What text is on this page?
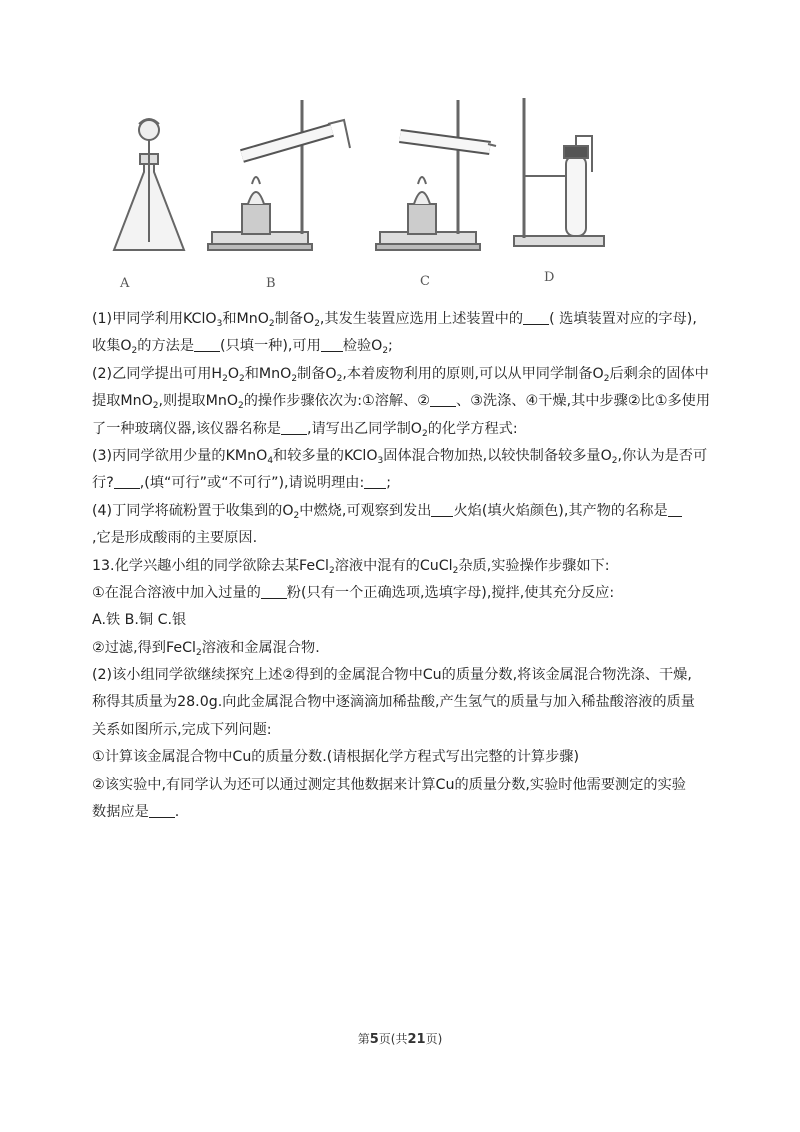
A	B	C	D
(1)甲同学利用KClO$_3$和MnO$_2$制备$O_2$,其发生装置应选用上述装置中的 ( 选填装置对应的字母),
收集$O_2$的方法是 (只填一种),可用 检验$O_2$;
(2)乙同学提出可用$H_2O_2$和MnO$_2$制备$O_2$,本着废物利用的原则,可以从甲同学制备$O_2$后剩余的固体中
提取MnO$_2$,则提取MnO$_2$的操作步骤依次为:①溶解、② 、③洗涤、④干燥,其中步骤②比①多使用
了一种玻璃仪器,该仪器名称是 ,请写出乙同学制$O_2$的化学方程式:
(3)丙同学欲用少量的KMnO$_4$和较多量的KClO$_3$固体混合物加热,以较快制备较多量$O_2$,你认为是否可
行? ,(填“可行”或“不可行”),请说明理由: ;
(4)丁同学将硫粉置于收集到的$O_2$中燃烧,可观察到发出 火焰(填火焰颜色),其产物的名称是
,它是形成酸雨的主要原因.
13.化学兴趣小组的同学欲除去某FeCl$_2$溶液中混有的CuCl$_2$杂质,实验操作步骤如下:
①在混合溶液中加入过量的 粉(只有一个正确选项,选填字母),搅拌,使其充分反应:
A.铁 B.铜 C.银
②过滤,得到FeCl$_2$溶液和金属混合物.
(2)该小组同学欲继续探究上述②得到的金属混合物中Cu的质量分数,将该金属混合物洗涤、干燥,
称得其质量为28.0g.向此金属混合物中逐滴滴加稀盐酸,产生氢气的质量与加入稀盐酸溶液的质量
关系如图所示,完成下列问题:
①计算该金属混合物中Cu的质量分数.(请根据化学方程式写出完整的计算步骤)
②该实验中,有同学认为还可以通过测定其他数据来计算Cu的质量分数,实验时他需要测定的实验
数据应是 .
第5页(共21页)
